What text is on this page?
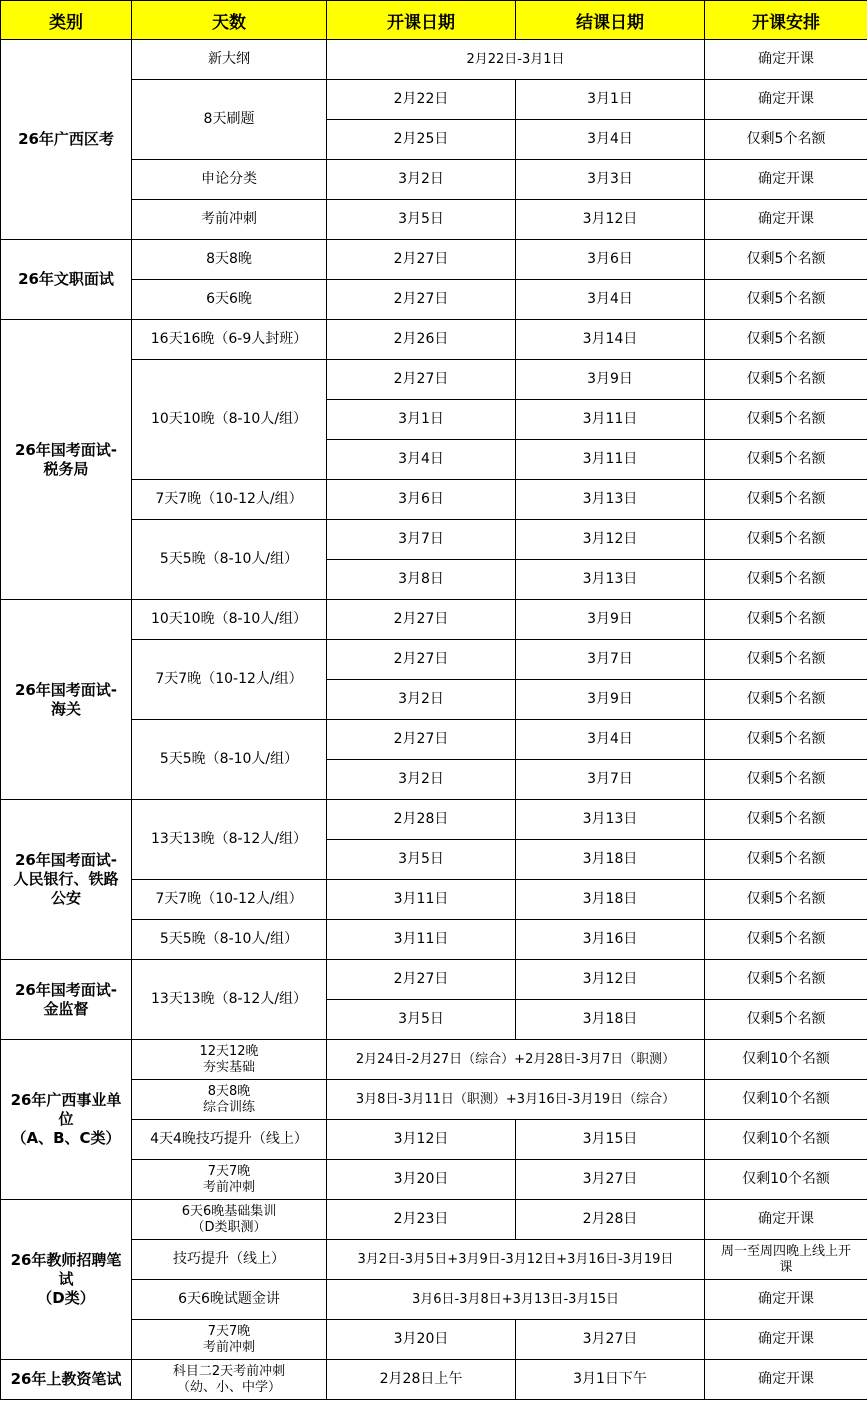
类别	天数	开课日期	结课日期	开课安排

26年广西区考	新大纲	2月22日-3月1日		确定开课

	8天刷题	2月22日	3月1日	确定开课
		2月25日	3月4日	仅剩5个名额

	申论分类	3月2日	3月3日	确定开课

	考前冲刺	3月5日	3月12日	确定开课

26年文职面试	8天8晚	2月27日	3月6日	仅剩5个名额

	6天6晚	2月27日	3月4日	仅剩5个名额

26年国考面试-
税务局	16天16晚（6-9人封班）	2月26日	3月14日	仅剩5个名额

	10天10晚（8-10人/组）	2月27日	3月9日	仅剩5个名额
		3月1日	3月11日	仅剩5个名额
		3月4日	3月11日	仅剩5个名额

	7天7晚（10-12人/组）	3月6日	3月13日	仅剩5个名额

	5天5晚（8-10人/组）	3月7日	3月12日	仅剩5个名额
		3月8日	3月13日	仅剩5个名额

26年国考面试-
海关	10天10晚（8-10人/组）	2月27日	3月9日	仅剩5个名额

	7天7晚（10-12人/组）	2月27日	3月7日	仅剩5个名额
		3月2日	3月9日	仅剩5个名额

	5天5晚（8-10人/组）	2月27日	3月4日	仅剩5个名额
		3月2日	3月7日	仅剩5个名额

26年国考面试-
人民银行、铁路
公安	13天13晚（8-12人/组）	2月28日	3月13日	仅剩5个名额
		3月5日	3月18日	仅剩5个名额

	7天7晚（10-12人/组）	3月11日	3月18日	仅剩5个名额

	5天5晚（8-10人/组）	3月11日	3月16日	仅剩5个名额

26年国考面试-
金监督	13天13晚（8-12人/组）	2月27日	3月12日	仅剩5个名额
		3月5日	3月18日	仅剩5个名额

26年广西事业单
位
（A、B、C类）	12天12晚
夯实基础	2月24日-2月27日（综合）+2月28日-3月7日（职测）		仅剩10个名额

	8天8晚
综合训练	3月8日-3月11日（职测）+3月16日-3月19日（综合）		仅剩10个名额

	4天4晚技巧提升（线上）	3月12日	3月15日	仅剩10个名额

	7天7晚
考前冲刺	3月20日	3月27日	仅剩10个名额

26年教师招聘笔
试
（D类）	6天6晚基础集训
（D类职测）	2月23日	2月28日	确定开课

	技巧提升（线上）	3月2日-3月5日+3月9日-3月12日+3月16日-3月19日		周一至周四晚上线上开
课

	6天6晚试题金讲	3月6日-3月8日+3月13日-3月15日		确定开课

	7天7晚
考前冲刺	3月20日	3月27日	确定开课

26年上教资笔试	科目二2天考前冲刺
（幼、小、中学）	2月28日上午	3月1日下午	确定开课
